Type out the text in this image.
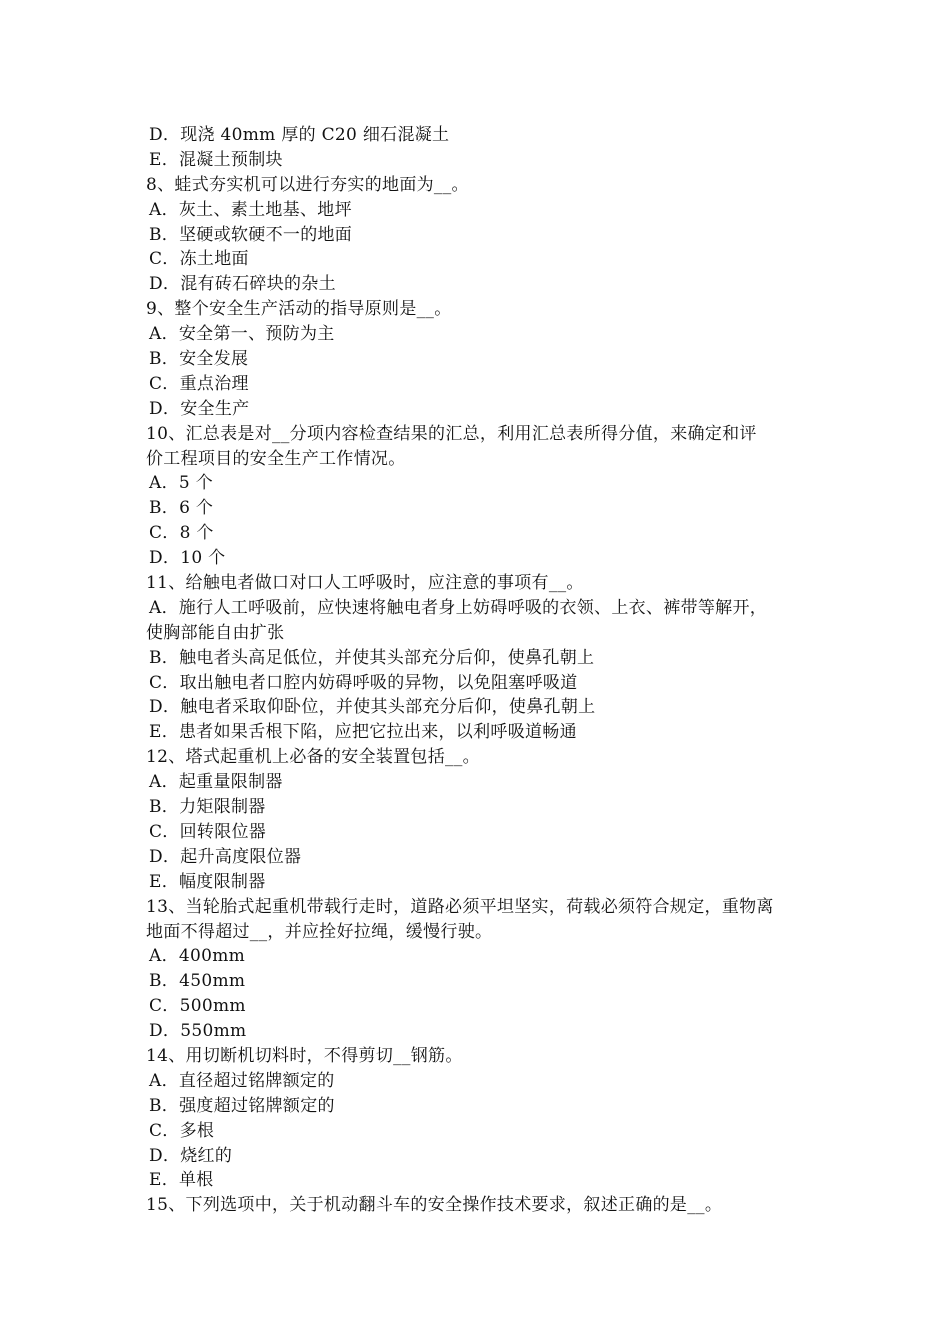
D．现浇 40mm 厚的 C20 细石混凝土
E．混凝土预制块
8、蛙式夯实机可以进行夯实的地面为__。
A．灰土、素土地基、地坪
B．坚硬或软硬不一的地面
C．冻土地面
D．混有砖石碎块的杂土
9、整个安全生产活动的指导原则是__。
A．安全第一、预防为主
B．安全发展
C．重点治理
D．安全生产
10、汇总表是对__分项内容检查结果的汇总，利用汇总表所得分值，来确定和评
价工程项目的安全生产工作情况。
A．5 个
B．6 个
C．8 个
D．10 个
11、给触电者做口对口人工呼吸时，应注意的事项有__。
A．施行人工呼吸前，应快速将触电者身上妨碍呼吸的衣领、上衣、裤带等解开，
使胸部能自由扩张
B．触电者头高足低位，并使其头部充分后仰，使鼻孔朝上
C．取出触电者口腔内妨碍呼吸的异物，以免阻塞呼吸道
D．触电者采取仰卧位，并使其头部充分后仰，使鼻孔朝上
E．患者如果舌根下陷，应把它拉出来，以利呼吸道畅通
12、塔式起重机上必备的安全装置包括__。
A．起重量限制器
B．力矩限制器
C．回转限位器
D．起升高度限位器
E．幅度限制器
13、当轮胎式起重机带载行走时，道路必须平坦坚实，荷载必须符合规定，重物离
地面不得超过__，并应拴好拉绳，缓慢行驶。
A．400mm
B．450mm
C．500mm
D．550mm
14、用切断机切料时，不得剪切__钢筋。
A．直径超过铭牌额定的
B．强度超过铭牌额定的
C．多根
D．烧红的
E．单根
15、下列选项中，关于机动翻斗车的安全操作技术要求，叙述正确的是__。
